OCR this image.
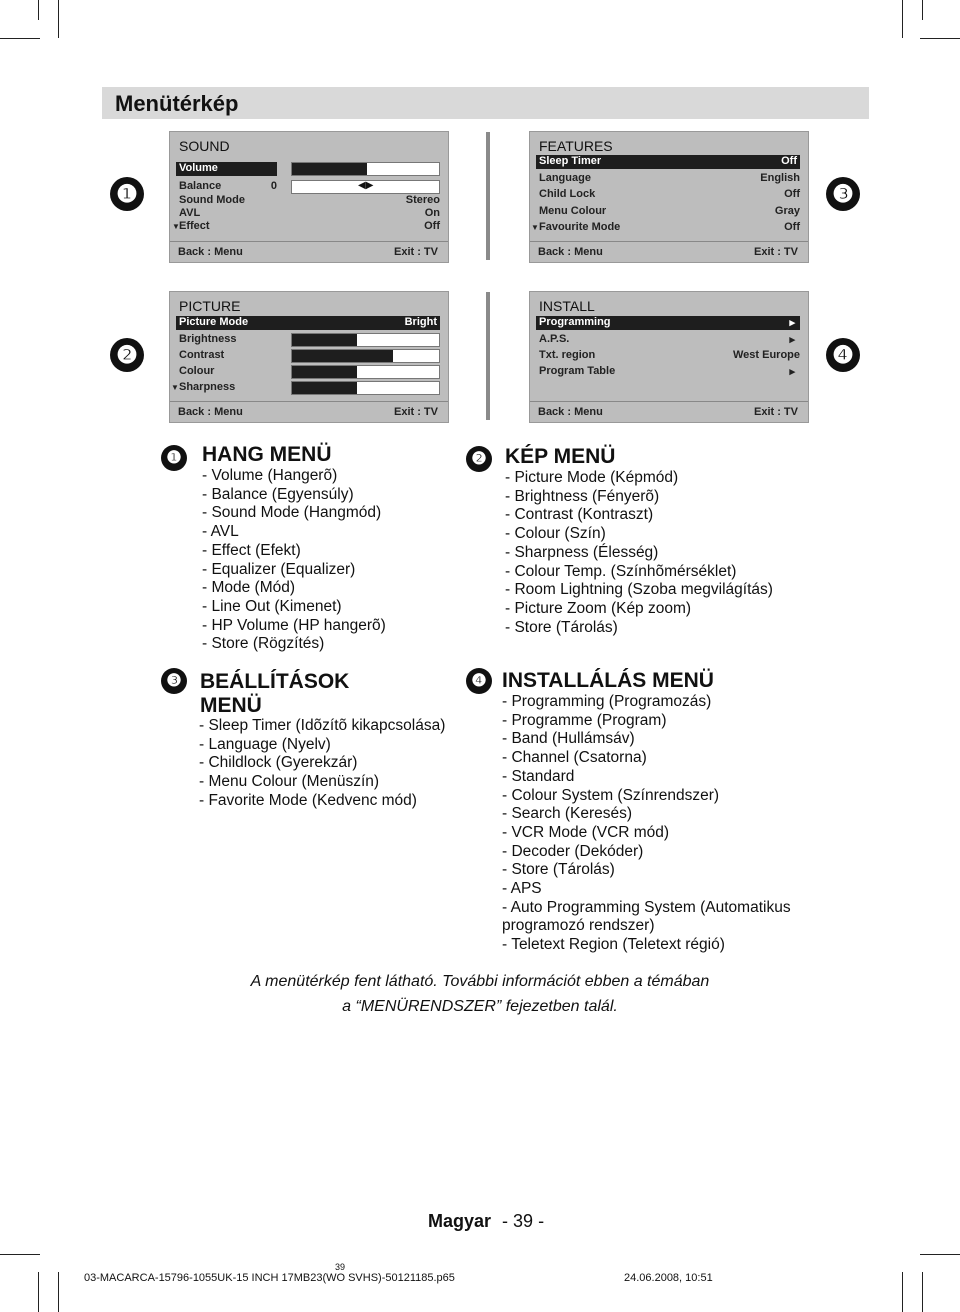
Menütérkép
❶	❸
❷	❹
SOUND
Volume
Balance	0	◀▶
Sound Mode	Stereo
AVL	On
▼ Effect	Off
Back : Menu	Exit : TV
FEATURES
Sleep Timer	Off
Language	English
Child Lock	Off
Menu Colour	Gray
▼ Favourite Mode	Off
Back : Menu	Exit : TV
PICTURE
Picture Mode	Bright
Brightness
Contrast
Colour
▼ Sharpness
Back : Menu	Exit : TV
INSTALL
Programming	▸
A.P.S.	▸
Txt. region	West Europe
Program Table	▸
Back : Menu	Exit : TV
❶ HANG MENÜ
- Volume (Hangerõ)
- Balance (Egyensúly)
- Sound Mode (Hangmód)
- AVL
- Effect (Efekt)
- Equalizer (Equalizer)
- Mode (Mód)
- Line Out (Kimenet)
- HP Volume (HP hangerõ)
- Store (Rögzítés)
❷ KÉP MENÜ
- Picture Mode (Képmód)
- Brightness (Fényerõ)
- Contrast (Kontraszt)
- Colour (Szín)
- Sharpness (Élesség)
- Colour Temp. (Színhõmérséklet)
- Room Lightning (Szoba megvilágítás)
- Picture Zoom (Kép zoom)
- Store (Tárolás)
❸ BEÁLLÍTÁSOK
MENÜ
- Sleep Timer (Idõzítõ kikapcsolása)
- Language (Nyelv)
- Childlock (Gyerekzár)
- Menu Colour (Menüszín)
- Favorite Mode (Kedvenc mód)
❹ INSTALLÁLÁS MENÜ
- Programming (Programozás)
- Programme (Program)
- Band (Hullámsáv)
- Channel (Csatorna)
- Standard
- Colour System (Színrendszer)
- Search (Keresés)
- VCR Mode (VCR mód)
- Decoder (Dekóder)
- Store (Tárolás)
- APS
- Auto Programming System (Automatikus programozó rendszer)
- Teletext Region (Teletext régió)
A menütérkép fent látható. További információt ebben a témában
a “MENÜRENDSZER” fejezetben talál.
Magyar - 39 -
03-MACARCA-15796-1055UK-15 INCH 17MB23(WO SVHS)-50121185.p65
39
24.06.2008, 10:51
